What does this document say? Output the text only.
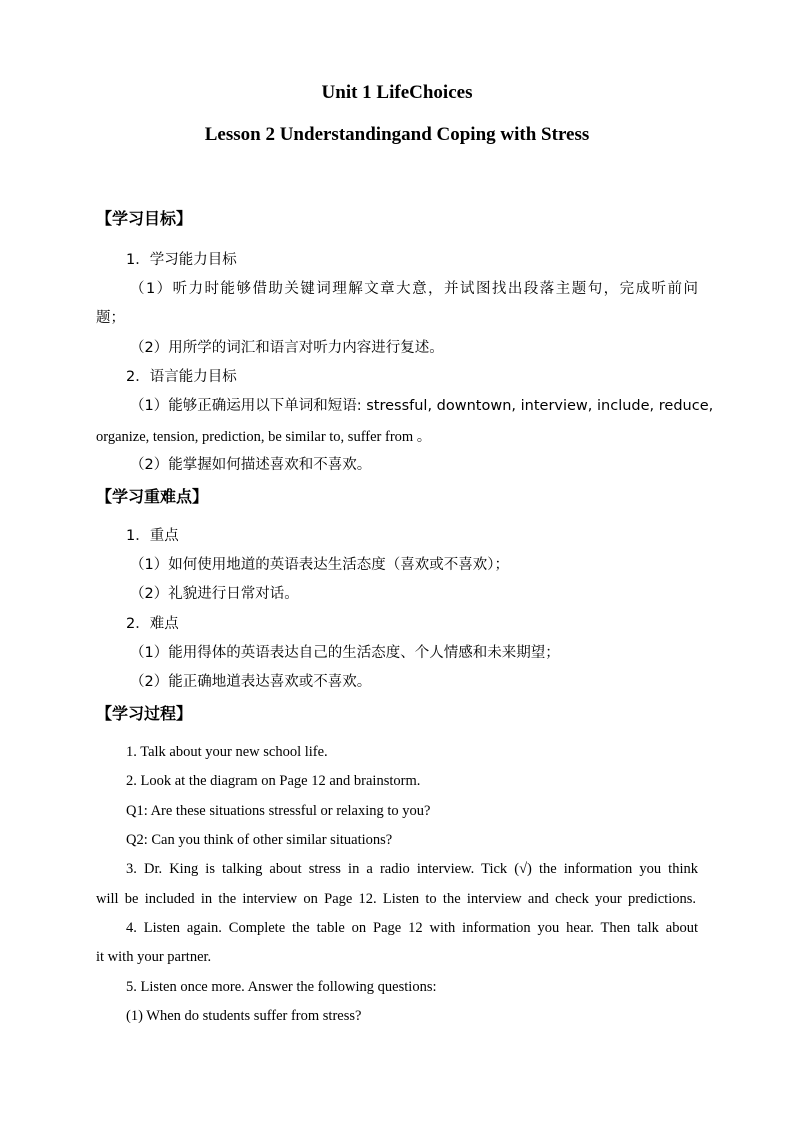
Unit 1 LifeChoices
Lesson 2 Understandingand Coping with Stress
【学习目标】
1．学习能力目标
（1）听力时能够借助关键词理解文章大意，并试图找出段落主题句，完成听前问
题；
（2）用所学的词汇和语言对听力内容进行复述。
2．语言能力目标
（1）能够正确运用以下单词和短语: stressful, downtown, interview, include, reduce,
organize, tension, prediction, be similar to, suffer from 。
（2）能掌握如何描述喜欢和不喜欢。
【学习重难点】
1．重点
（1）如何使用地道的英语表达生活态度（喜欢或不喜欢）；
（2）礼貌进行日常对话。
2．难点
（1）能用得体的英语表达自己的生活态度、个人情感和未来期望；
（2）能正确地道表达喜欢或不喜欢。
【学习过程】
1. Talk about your new school life.
2. Look at the diagram on Page 12 and brainstorm.
Q1: Are these situations stressful or relaxing to you?
Q2: Can you think of other similar situations?
3. Dr. King is talking about stress in a radio interview. Tick (√) the information you think
will be included in the interview on Page 12. Listen to the interview and check your predictions.
4. Listen again. Complete the table on Page 12 with information you hear. Then talk about
it with your partner.
5. Listen once more. Answer the following questions:
(1) When do students suffer from stress?
